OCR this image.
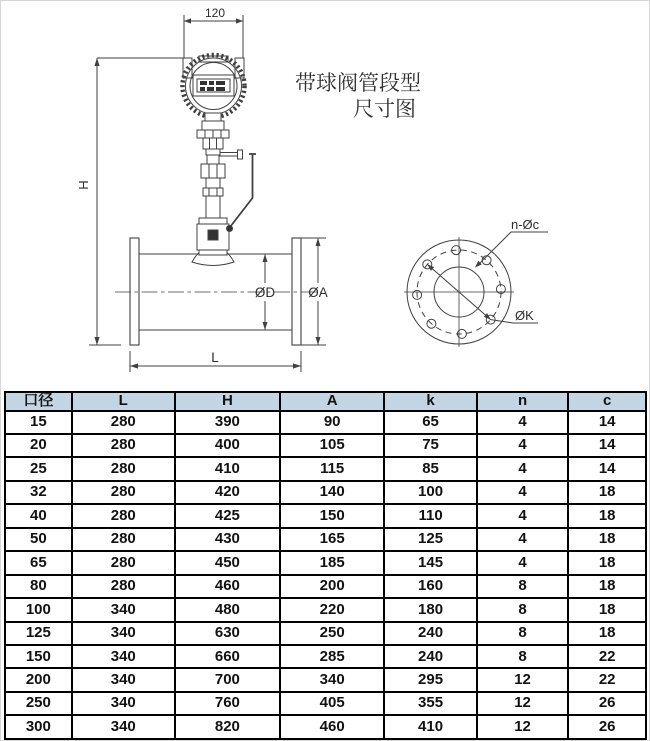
120
H
ØD ØA
L
带球阀管段型
尺寸图
ØK
n-Øc
口径	L	H	A	k	n	c
15	280	390	90	65	4	14
20	280	400	105	75	4	14
25	280	410	115	85	4	14
32	280	420	140	100	4	18
40	280	425	150	110	4	18
50	280	430	165	125	4	18
65	280	450	185	145	4	18
80	280	460	200	160	8	18
100	340	480	220	180	8	18
125	340	630	250	240	8	18
150	340	660	285	240	8	22
200	340	700	340	295	12	22
250	340	760	405	355	12	26
300	340	820	460	410	12	26
